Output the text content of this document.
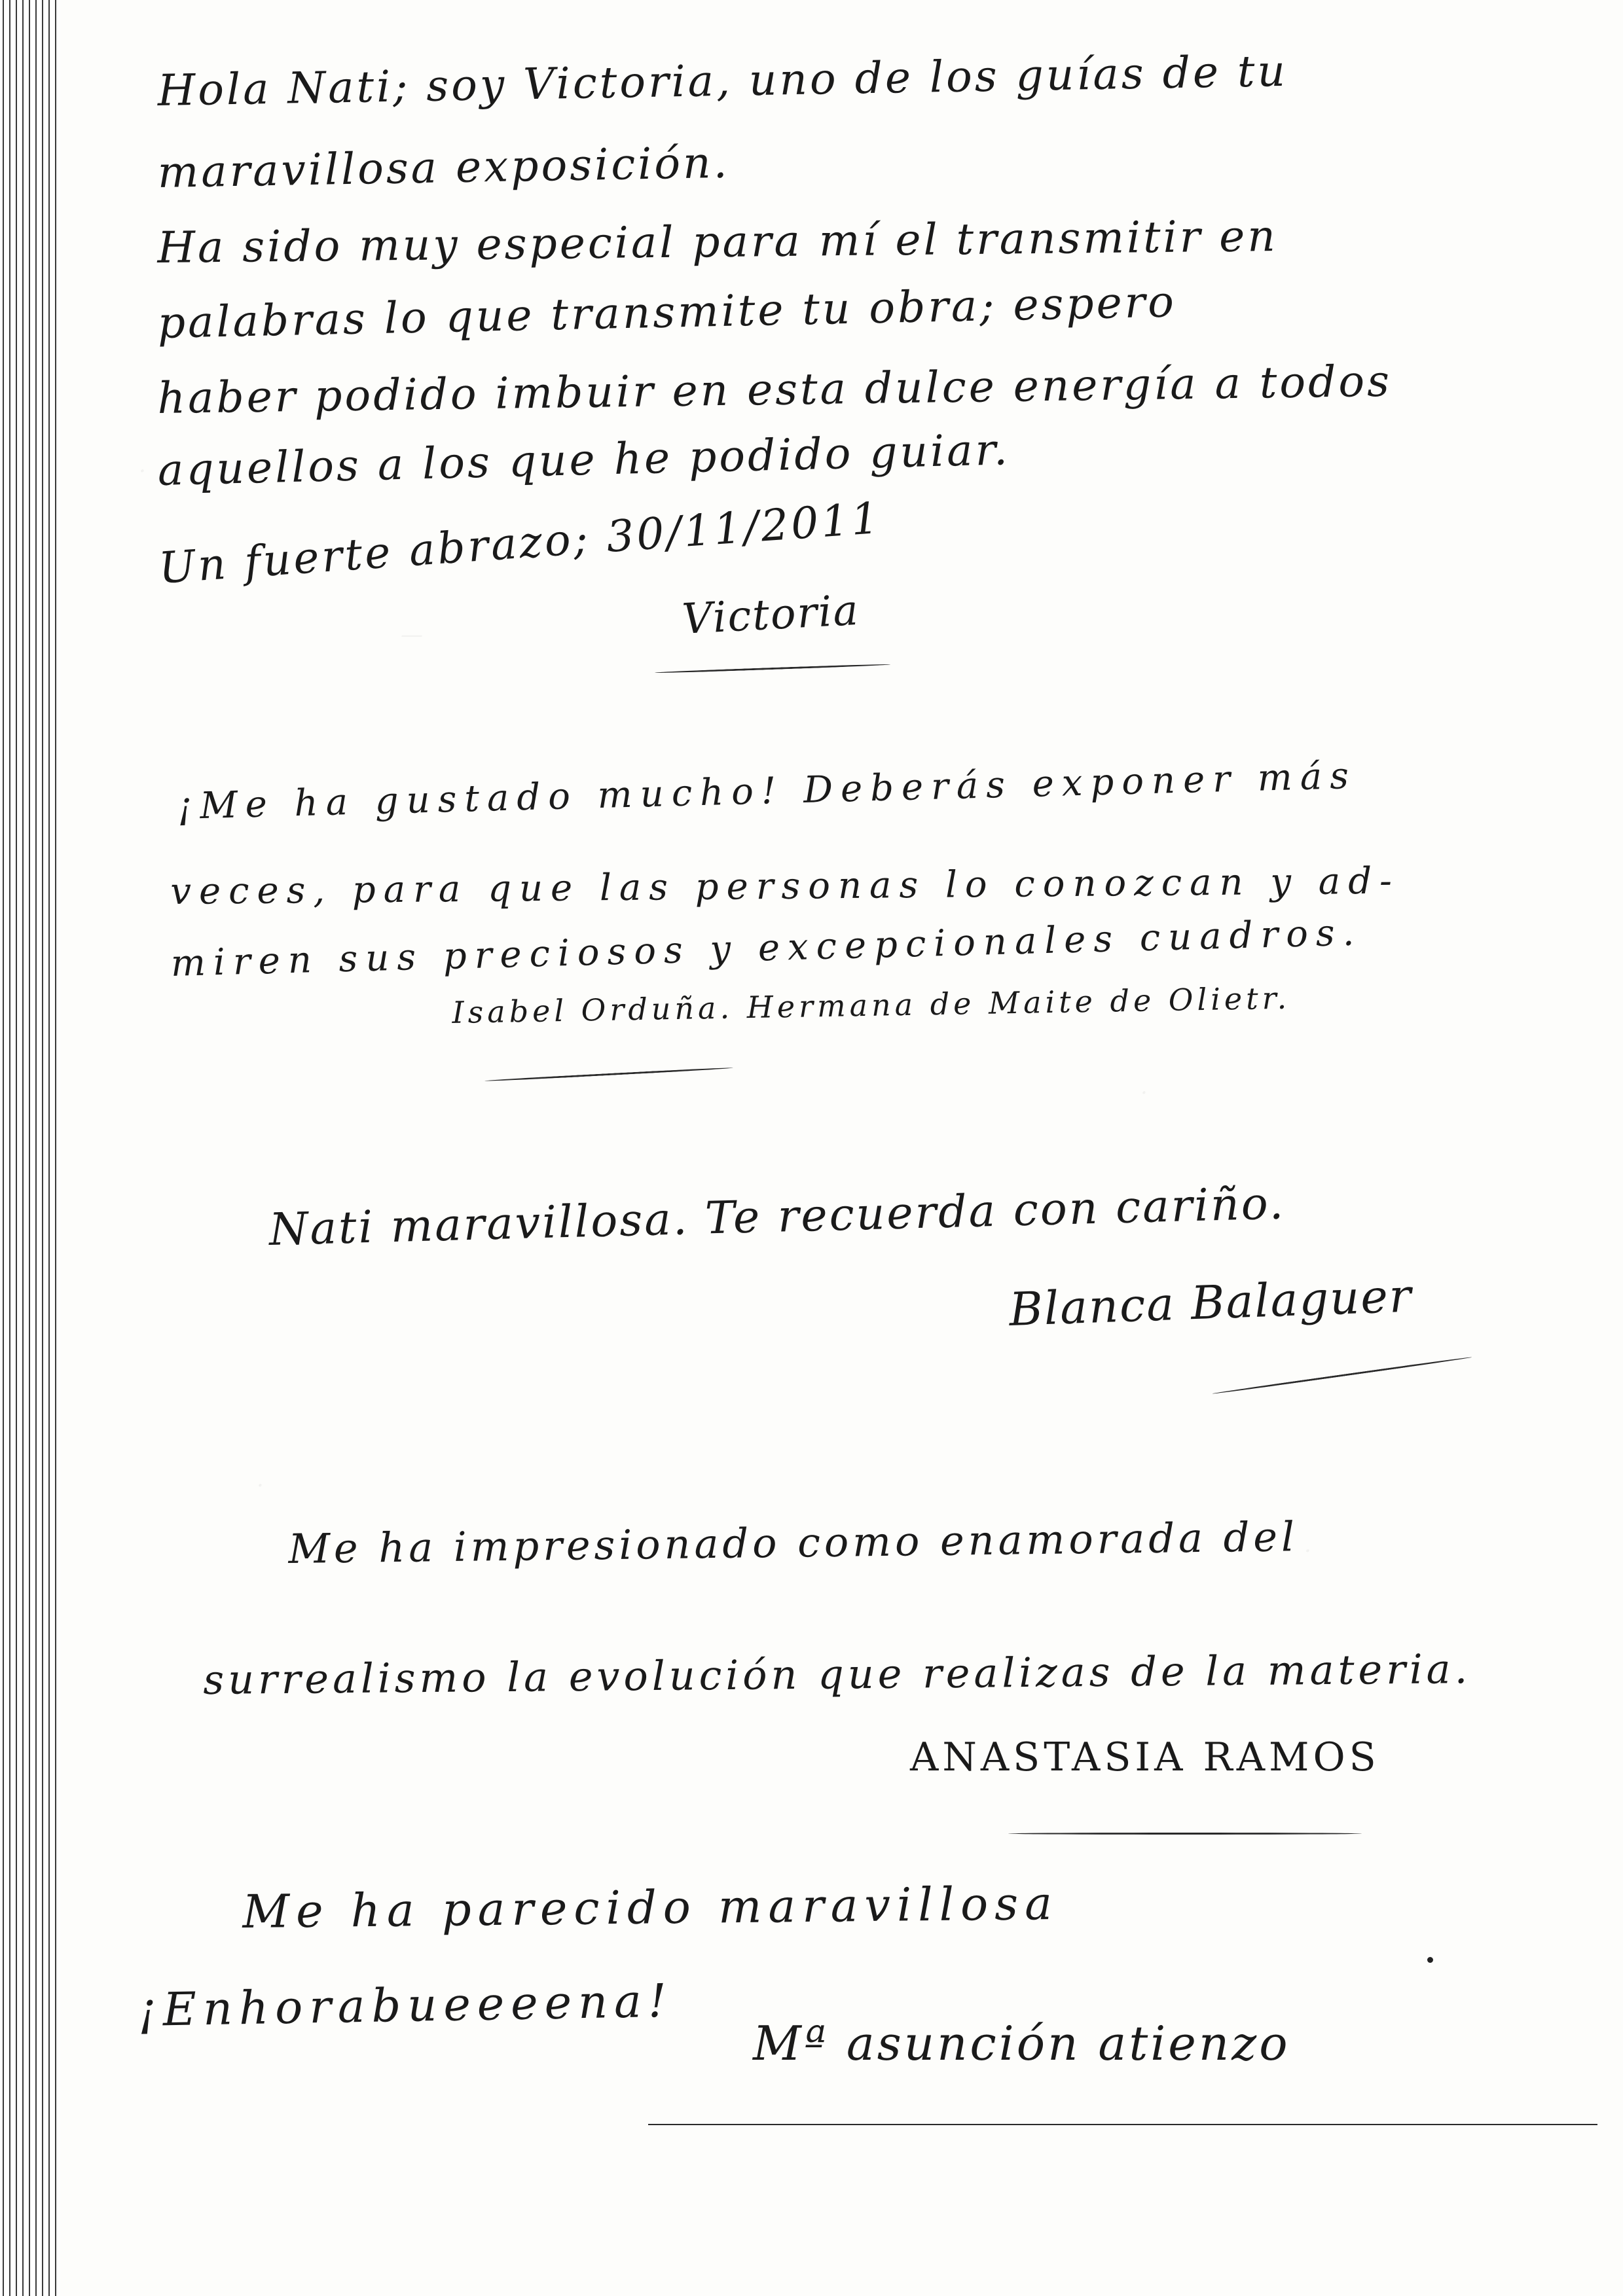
Hola Nati; soy Victoria, uno de los guías de tu
maravillosa exposición.
Ha sido muy especial para mí el transmitir en
palabras lo que transmite tu obra; espero
haber podido imbuir en esta dulce energía a todos
aquellos a los que he podido guiar.
Un fuerte abrazo; 30/11/2011
Victoria
¡Me ha gustado mucho! Deberás exponer más
veces, para que las personas lo conozcan y ad-
miren sus preciosos y excepcionales cuadros.
Isabel Orduña. Hermana de Maite de Olietr.
Nati maravillosa. Te recuerda con cariño.
Blanca Balaguer
Me ha impresionado como enamorada del
surrealismo la evolución que realizas de la materia.
ANASTASIA RAMOS
Me ha parecido maravillosa
¡Enhorabueeeena!
Mª asunción atienzo
